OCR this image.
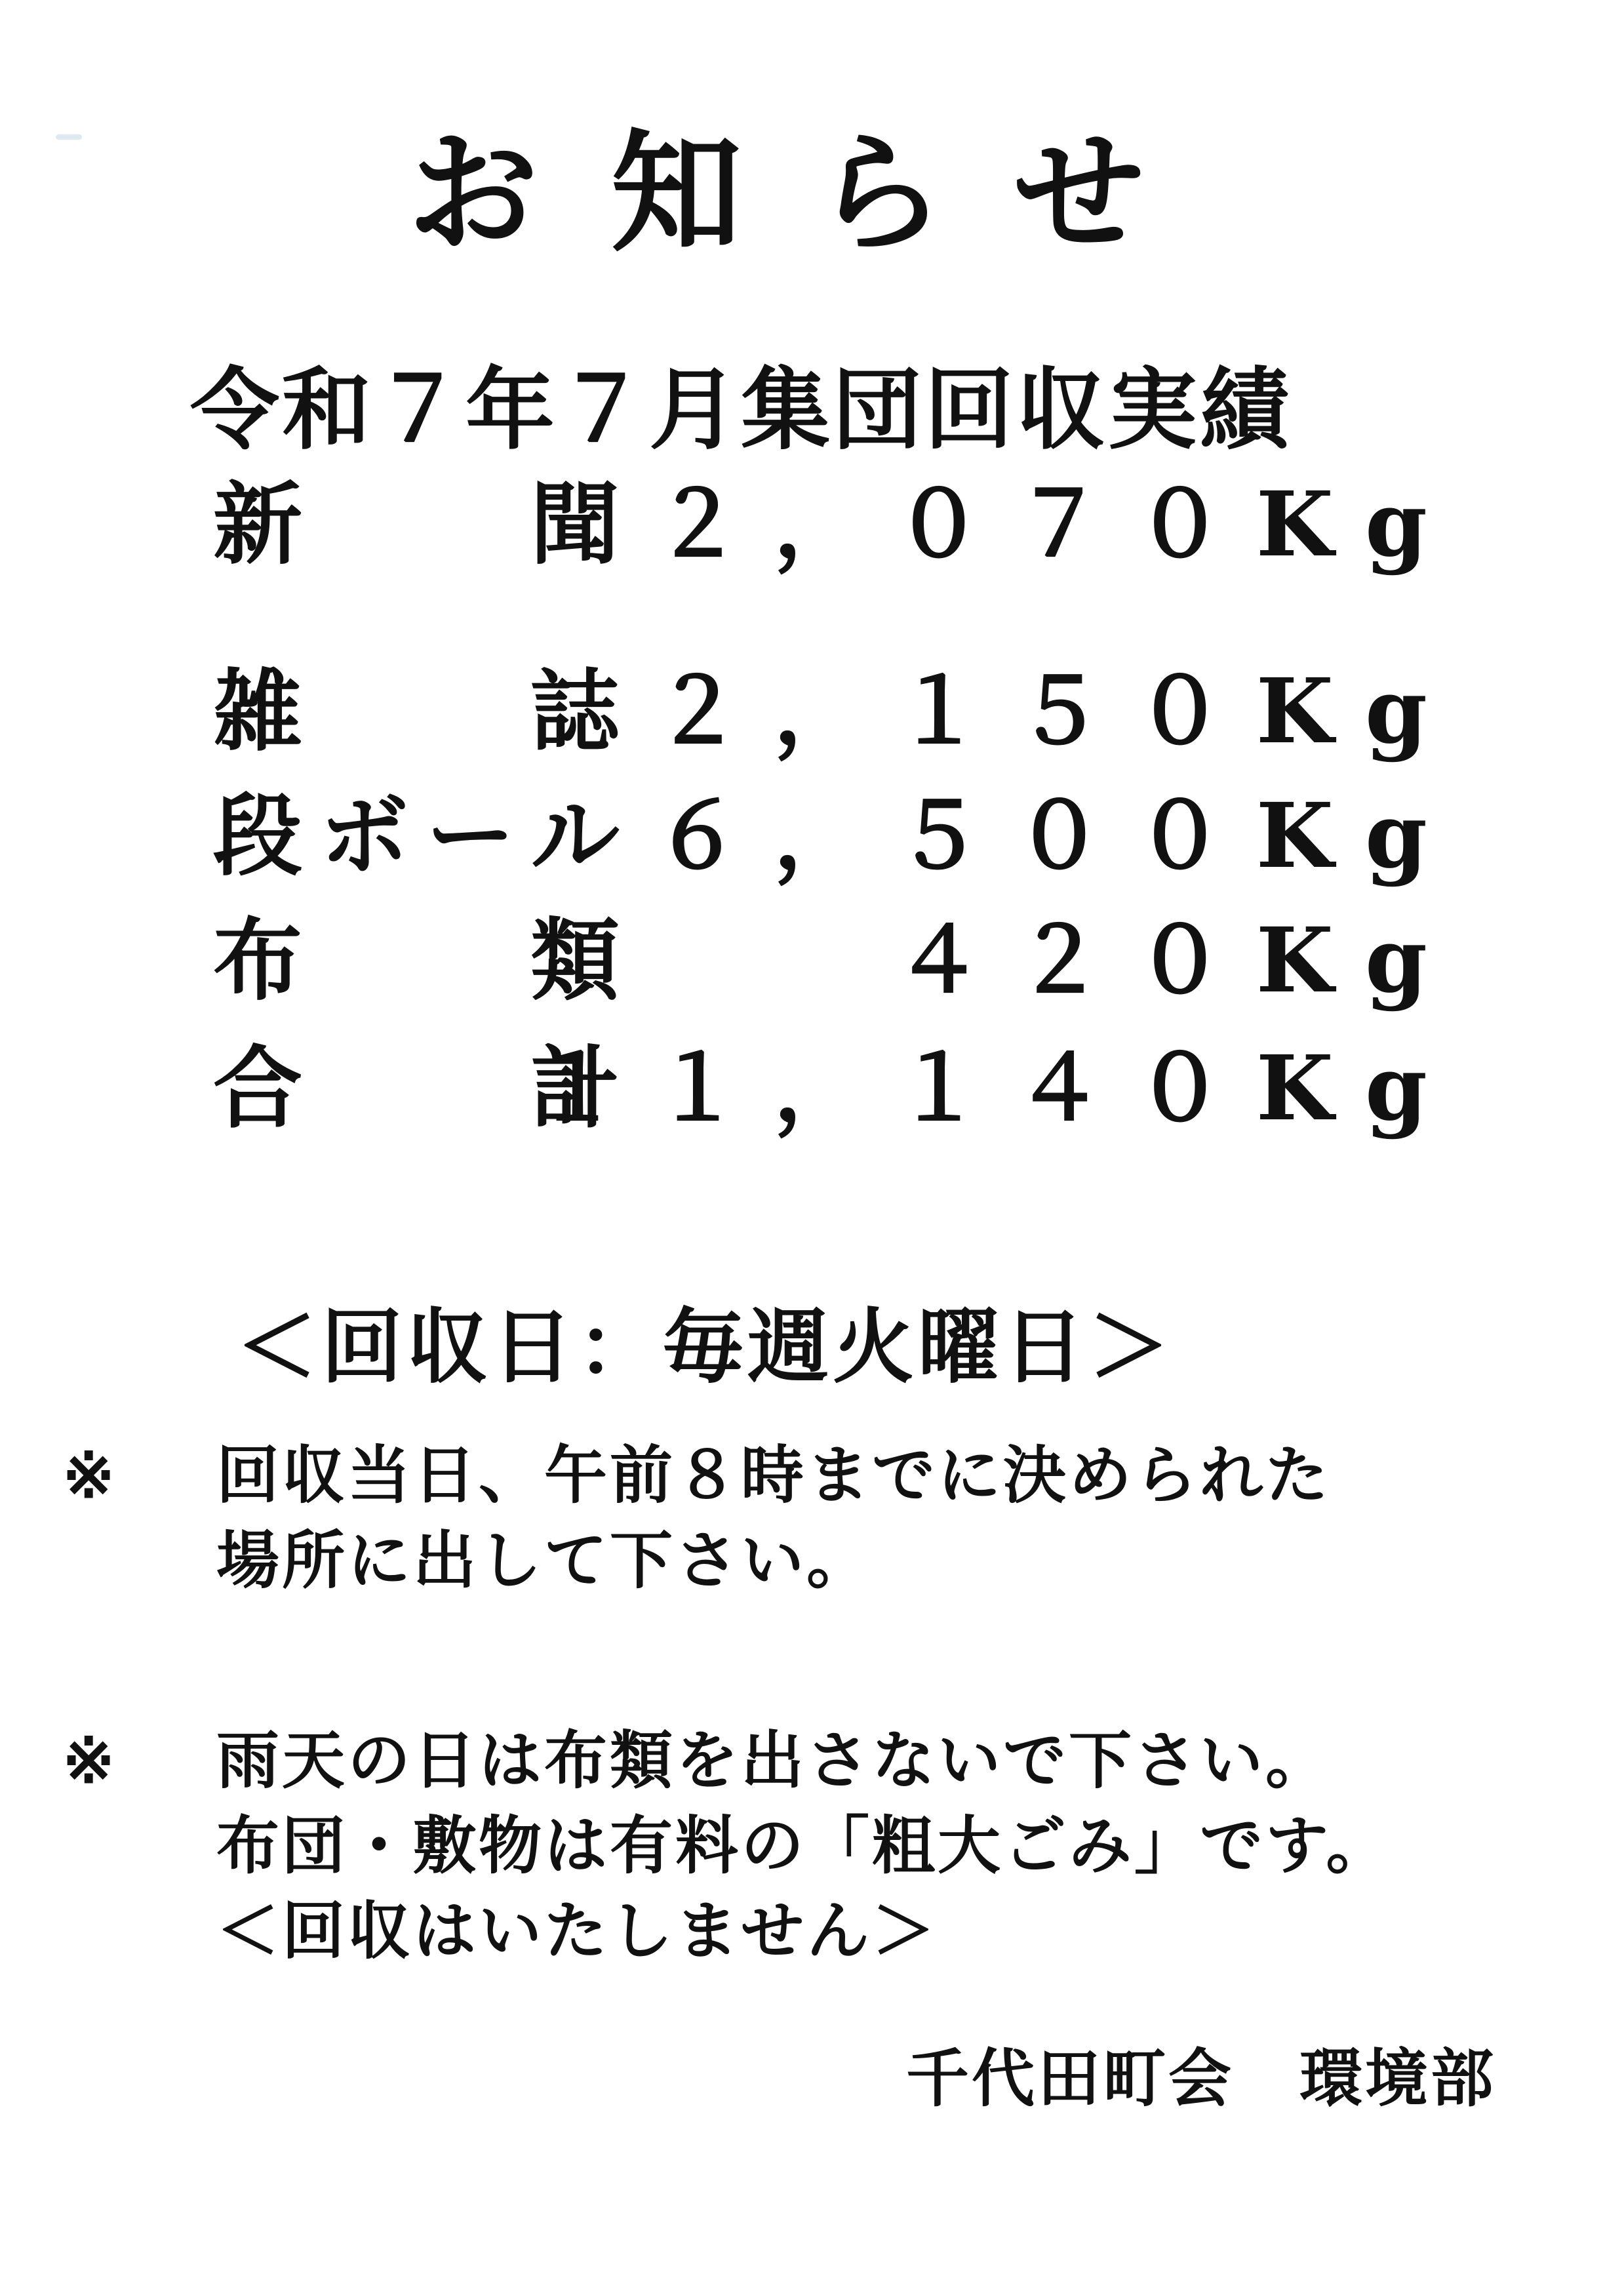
お知らせ
令和７年７月集団回収実績
新聞 ２，０７０Kg
雑誌 ２，１５０Kg
段ボール ６，５００Kg
布類	４２０Kg
合計
１１，１４０Kg
＜回収日：毎週火曜日＞
※ 回収当日、午前８時までに決められた
場所に出して下さい。
※ 雨天の日は布類を出さないで下さい。
布団・敷物は有料の「粗大ごみ」です。
＜回収はいたしません＞
千代田町会　環境部
